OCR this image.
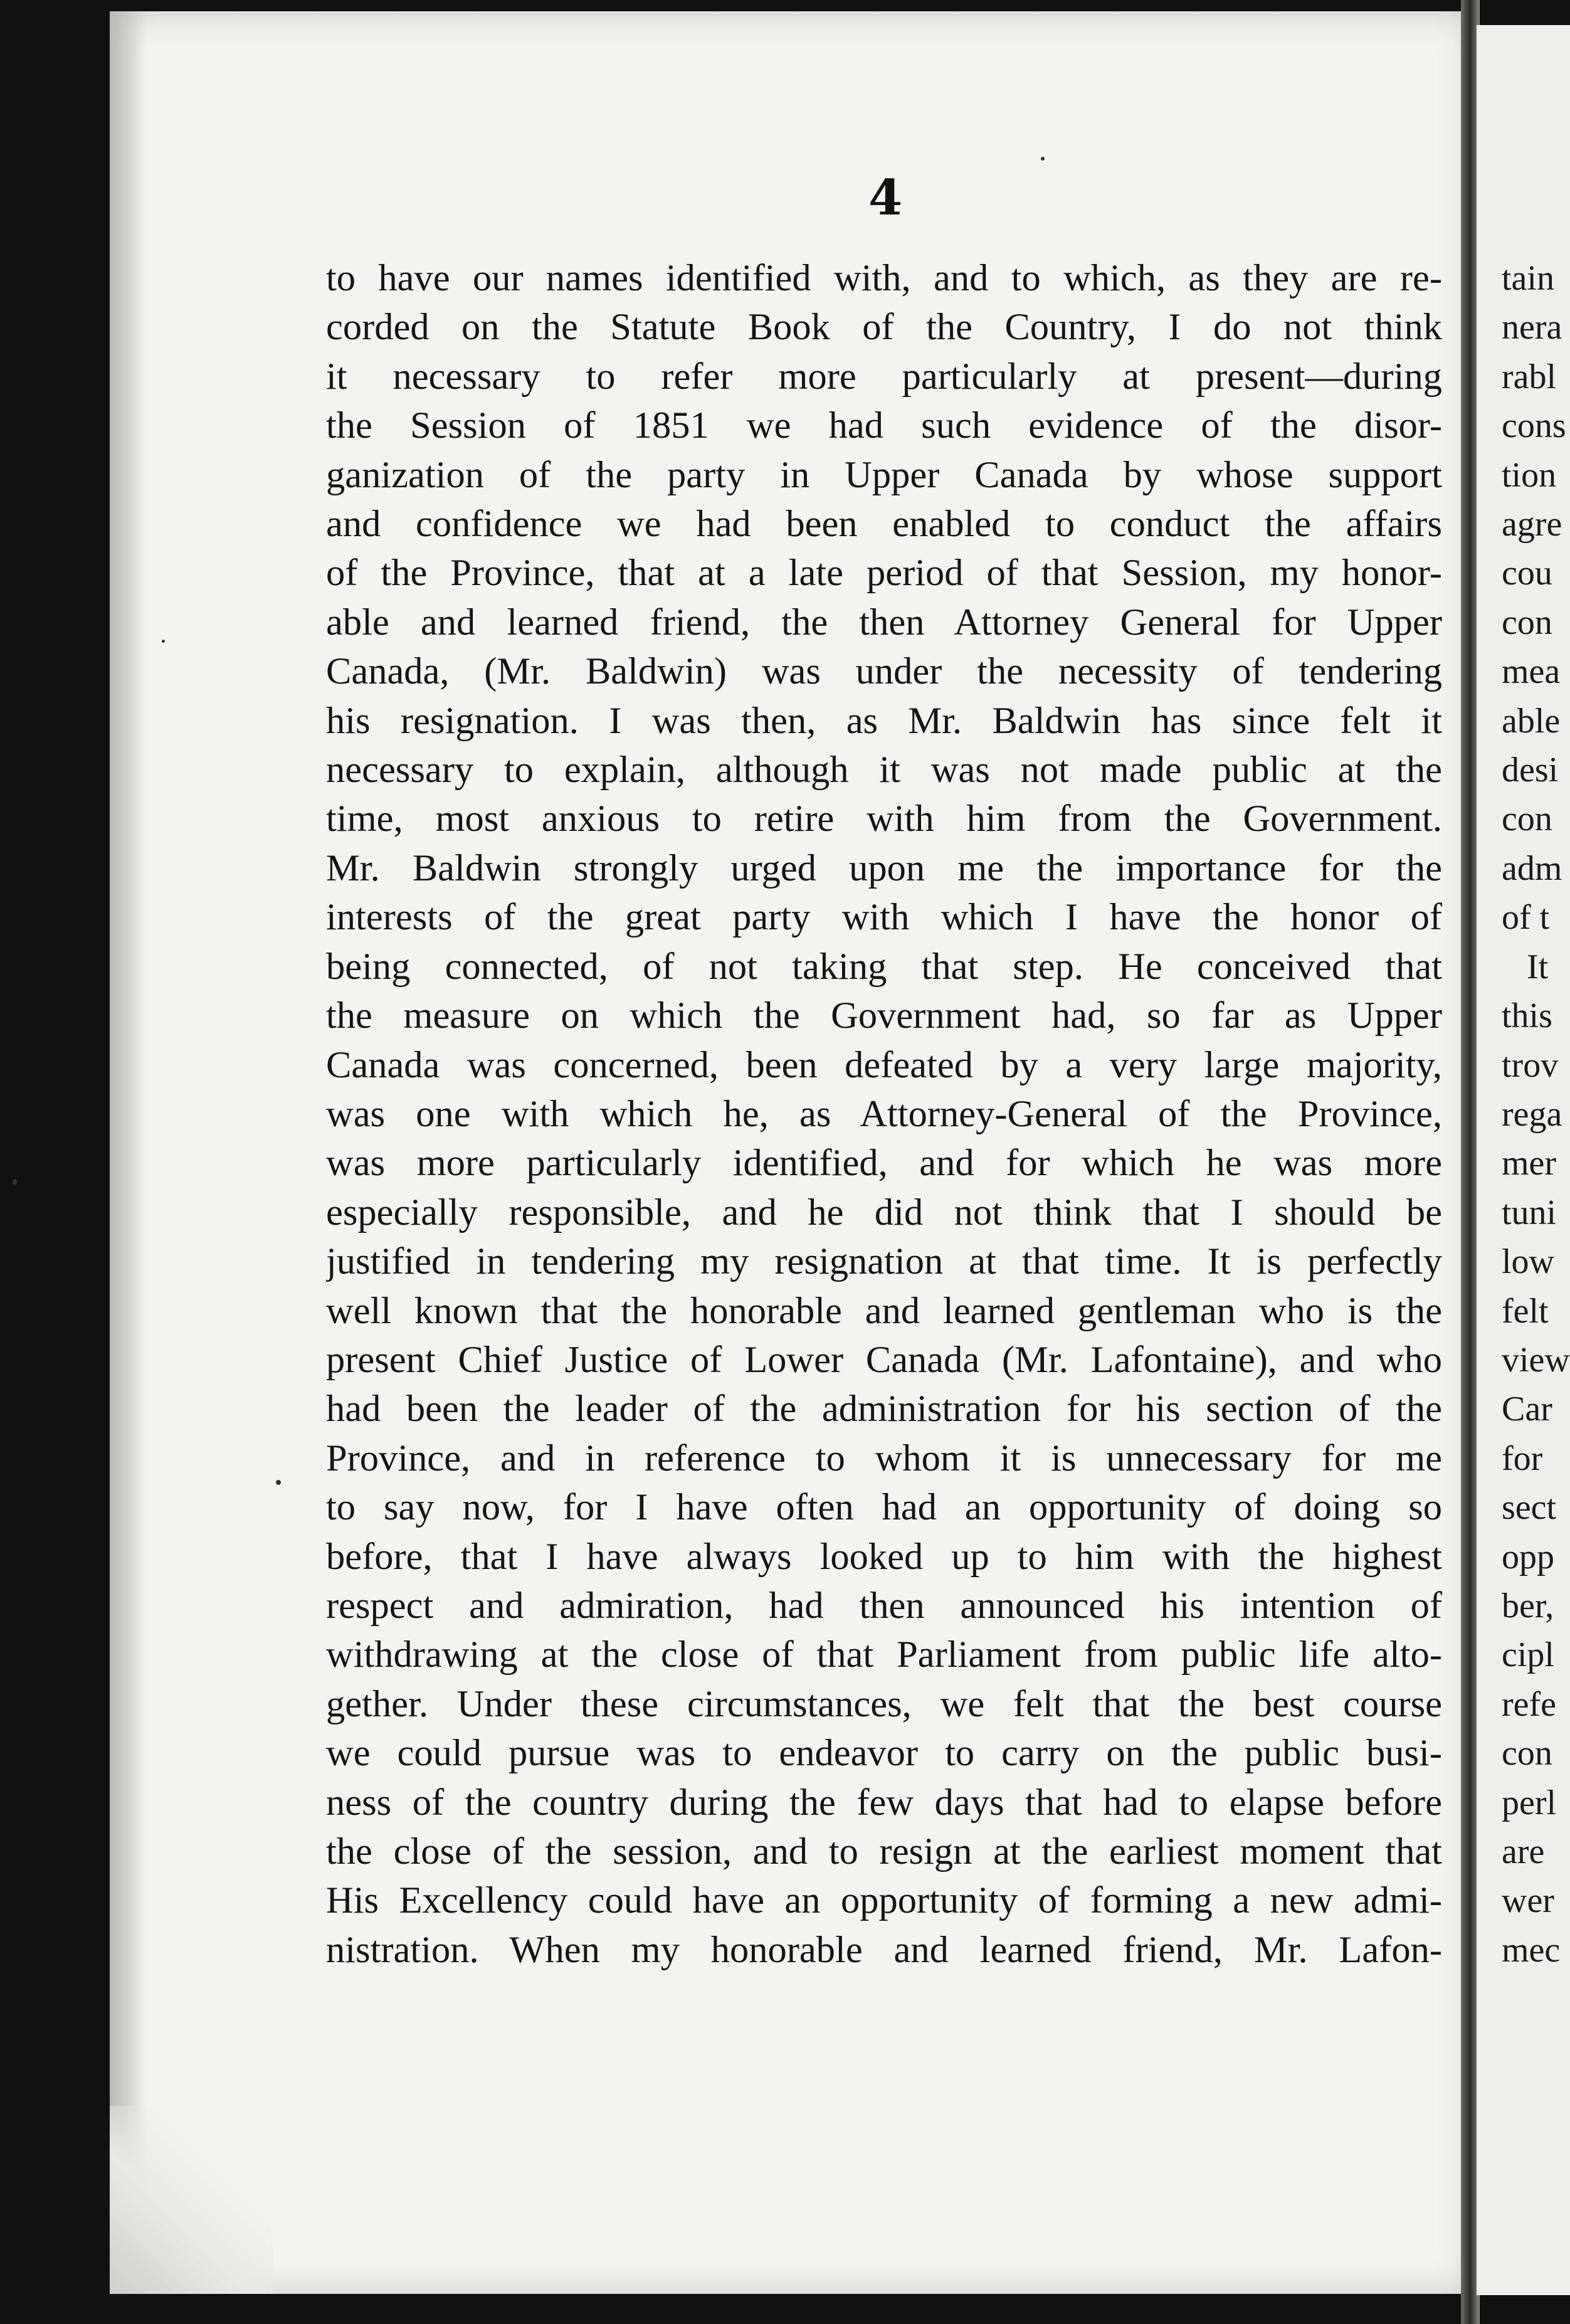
4
to have our names identified with, and to which, as they are re-
corded on the Statute Book of the Country, I do not think
it necessary to refer more particularly at present—during
the Session of 1851 we had such evidence of the disor-
ganization of the party in Upper Canada by whose support
and confidence we had been enabled to conduct the affairs
of the Province, that at a late period of that Session, my honor-
able and learned friend, the then Attorney General for Upper
Canada, (Mr. Baldwin) was under the necessity of tendering
his resignation. I was then, as Mr. Baldwin has since felt it
necessary to explain, although it was not made public at the
time, most anxious to retire with him from the Government.
Mr. Baldwin strongly urged upon me the importance for the
interests of the great party with which I have the honor of
being connected, of not taking that step. He conceived that
the measure on which the Government had, so far as Upper
Canada was concerned, been defeated by a very large majority,
was one with which he, as Attorney-General of the Province,
was more particularly identified, and for which he was more
especially responsible, and he did not think that I should be
justified in tendering my resignation at that time. It is perfectly
well known that the honorable and learned gentleman who is the
present Chief Justice of Lower Canada (Mr. Lafontaine), and who
had been the leader of the administration for his section of the
Province, and in reference to whom it is unnecessary for me
to say now, for I have often had an opportunity of doing so
before, that I have always looked up to him with the highest
respect and admiration, had then announced his intention of
withdrawing at the close of that Parliament from public life alto-
gether. Under these circumstances, we felt that the best course
we could pursue was to endeavor to carry on the public busi-
ness of the country during the few days that had to elapse before
the close of the session, and to resign at the earliest moment that
His Excellency could have an opportunity of forming a new admi-
nistration. When my honorable and learned friend, Mr. Lafon-
tain
nera
rabl
cons
tion
agre
cou
con
mea
able
desi
con
adm
of t
It
this
trov
rega
mer
tuni
low
felt
view
Car
for
sect
opp
ber,
cipl
refe
con
perl
are
wer
mec
